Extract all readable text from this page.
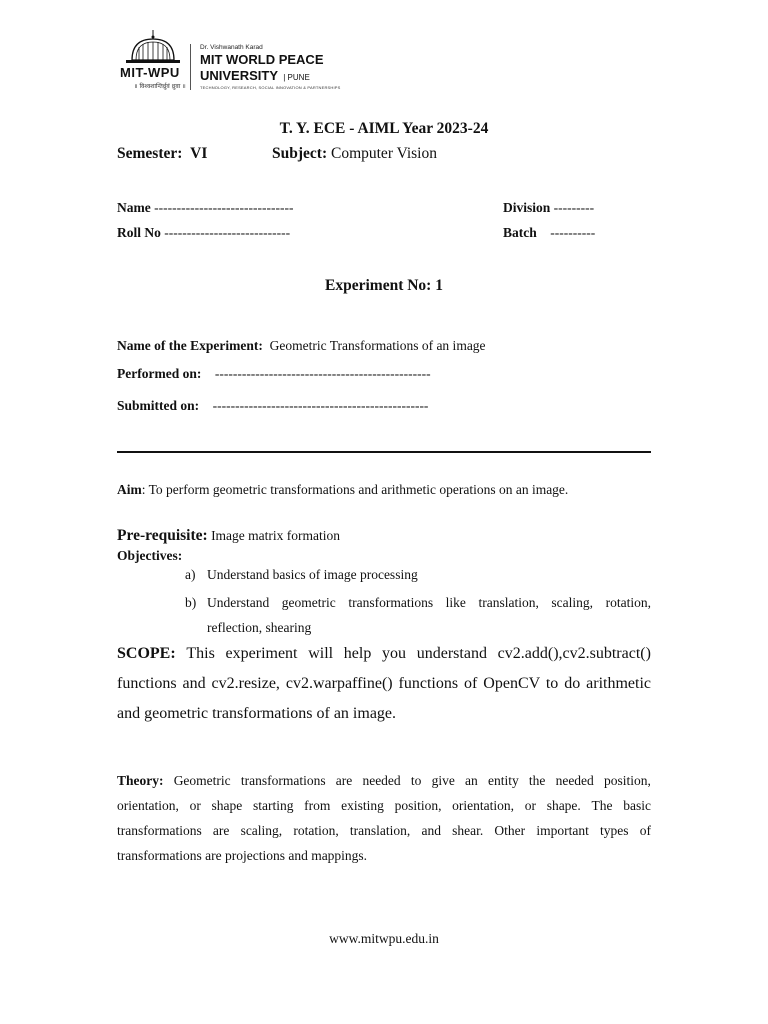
MIT-WPU
॥ विश्वशान्तिर्ध्रुवं ध्रुवा ॥
Dr. Vishwanath Karad
MIT WORLD PEACE
UNIVERSITY | PUNE
TECHNOLOGY, RESEARCH, SOCIAL INNOVATION & PARTNERSHIPS
T. Y. ECE - AIML Year 2023-24
Semester: VI	Subject: Computer Vision
Name -------------------------------	Division ---------
Roll No ----------------------------	Batch ----------
Experiment No: 1
Name of the Experiment: Geometric Transformations of an image
Performed on: ------------------------------------------------
Submitted on: ------------------------------------------------
Aim: To perform geometric transformations and arithmetic operations on an image.
Pre-requisite: Image matrix formation
Objectives:
a) Understand basics of image processing
b) Understand geometric transformations like translation, scaling, rotation,
reflection, shearing
SCOPE: This experiment will help you understand cv2.add(),cv2.subtract()
functions and cv2.resize, cv2.warpaffine() functions of OpenCV to do arithmetic
and geometric transformations of an image.
Theory: Geometric transformations are needed to give an entity the needed position,
orientation, or shape starting from existing position, orientation, or shape. The basic
transformations are scaling, rotation, translation, and shear. Other important types of
transformations are projections and mappings.
www.mitwpu.edu.in
